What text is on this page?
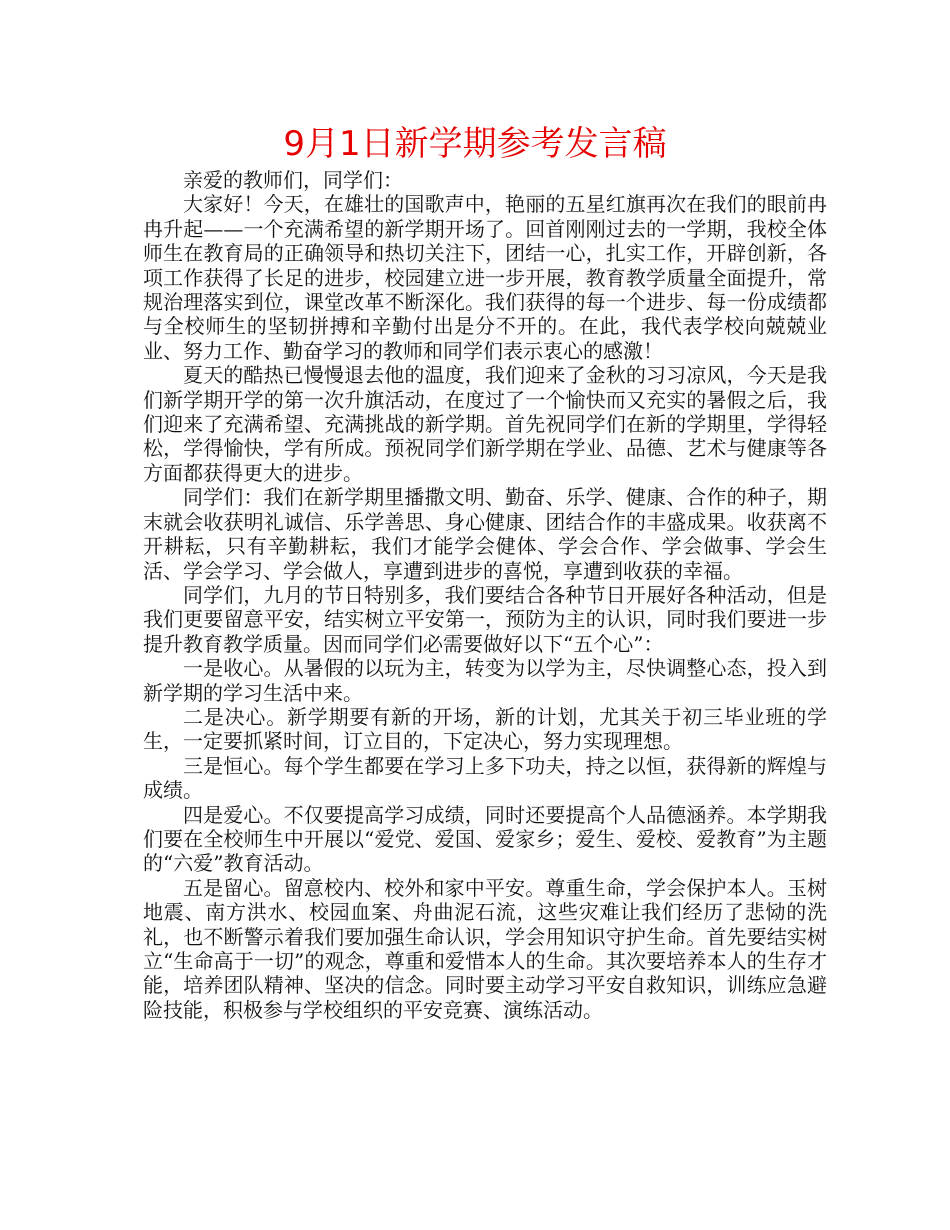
9月1日新学期参考发言稿

亲爱的教师们，同学们：

大家好！今天，在雄壮的国歌声中，艳丽的五星红旗再次在我们的眼前冉冉升起——一个充满希望的新学期开场了。回首刚刚过去的一学期，我校全体师生在教育局的正确领导和热切关注下，团结一心，扎实工作，开辟创新，各项工作获得了长足的进步，校园建立进一步开展，教育教学质量全面提升，常规治理落实到位，课堂改革不断深化。我们获得的每一个进步、每一份成绩都与全校师生的坚韧拼搏和辛勤付出是分不开的。在此，我代表学校向兢兢业业、努力工作、勤奋学习的教师和同学们表示衷心的感激！

夏天的酷热已慢慢退去他的温度，我们迎来了金秋的习习凉风，今天是我们新学期开学的第一次升旗活动，在度过了一个愉快而又充实的暑假之后，我们迎来了充满希望、充满挑战的新学期。首先祝同学们在新的学期里，学得轻松，学得愉快，学有所成。预祝同学们新学期在学业、品德、艺术与健康等各方面都获得更大的进步。

同学们：我们在新学期里播撒文明、勤奋、乐学、健康、合作的种子，期末就会收获明礼诚信、乐学善思、身心健康、团结合作的丰盛成果。收获离不开耕耘，只有辛勤耕耘，我们才能学会健体、学会合作、学会做事、学会生活、学会学习、学会做人，享遭到进步的喜悦，享遭到收获的幸福。

同学们，九月的节日特别多，我们要结合各种节日开展好各种活动，但是我们更要留意平安，结实树立平安第一，预防为主的认识，同时我们要进一步提升教育教学质量。因而同学们必需要做好以下“五个心”：

一是收心。从暑假的以玩为主，转变为以学为主，尽快调整心态，投入到新学期的学习生活中来。

二是决心。新学期要有新的开场，新的计划，尤其关于初三毕业班的学生，一定要抓紧时间，订立目的，下定决心，努力实现理想。

三是恒心。每个学生都要在学习上多下功夫，持之以恒，获得新的辉煌与成绩。

四是爱心。不仅要提高学习成绩，同时还要提高个人品德涵养。本学期我们要在全校师生中开展以“爱党、爱国、爱家乡；爱生、爱校、爱教育”为主题的“六爱”教育活动。

五是留心。留意校内、校外和家中平安。尊重生命，学会保护本人。玉树地震、南方洪水、校园血案、舟曲泥石流，这些灾难让我们经历了悲恸的洗礼，也不断警示着我们要加强生命认识，学会用知识守护生命。首先要结实树立“生命高于一切”的观念，尊重和爱惜本人的生命。其次要培养本人的生存才能，培养团队精神、坚决的信念。同时要主动学习平安自救知识，训练应急避险技能，积极参与学校组织的平安竞赛、演练活动。
